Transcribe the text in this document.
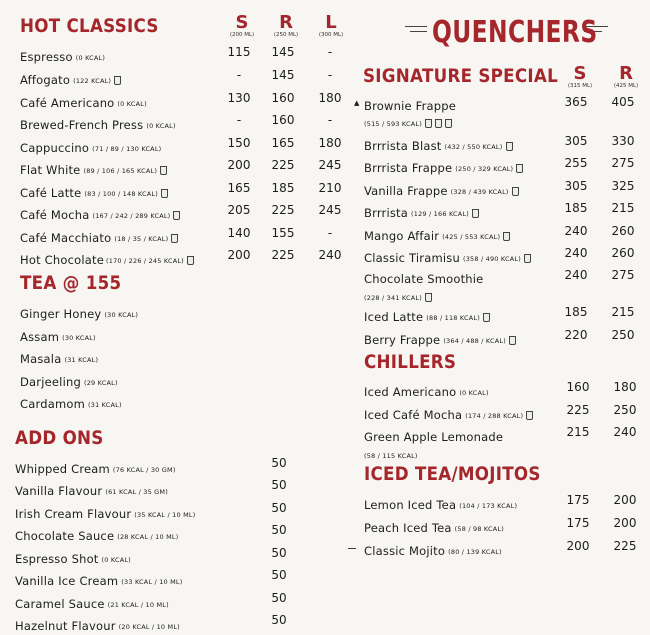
HOT CLASSICS	S
(200 ML)
R
(250 ML)
L
(300 ML)
Espresso (0 KCAL)	115	145	-
Affogato (122 KCAL)	-	145	-
Café Americano (0 KCAL)	130	160	180
Brewed-French Press (0 KCAL)	-	160	-
Cappuccino (71 / 89 / 130 KCAL)	150	165	180
Flat White (89 / 106 / 165 KCAL)	200	225	245
Café Latte (83 / 100 / 148 KCAL)	165	185	210
Café Mocha (167 / 242 / 289 KCAL)	205	225	245
Café Macchiato (18 / 35 / KCAL)	140	155	-
Hot Chocolate (170 / 226 / 245 KCAL)	200	225	240
TEA @ 155
Ginger Honey (30 KCAL)
Assam (30 KCAL)
Masala (31 KCAL)
Darjeeling (29 KCAL)
Cardamom (31 KCAL)
ADD ONS
Whipped Cream (76 KCAL / 30 GM)	50
Vanilla Flavour (61 KCAL / 35 GM)	50
Irish Cream Flavour (35 KCAL / 10 ML)	50
Chocolate Sauce (28 KCAL / 10 ML)	50
Espresso Shot (0 KCAL)	50
Vanilla Ice Cream (33 KCAL / 10 ML)	50
Caramel Sauce (21 KCAL / 10 ML)	50
Hazelnut Flavour (20 KCAL / 10 ML)	50
QUENCHERS
SIGNATURE SPECIAL S
(315 ML)
R
(425 ML)
▲ Brownie Frappe
(515 / 593 KCAL)
365	405
Brrrista Blast (432 / 550 KCAL)	305	330
Brrrista Frappe (250 / 329 KCAL)	255	275
Vanilla Frappe (328 / 439 KCAL)	305	325
Brrrista (129 / 166 KCAL)	185	215
Mango Affair (425 / 553 KCAL)	240	260
Classic Tiramisu (358 / 490 KCAL)	240	260
Chocolate Smoothie
(228 / 341 KCAL)
240	275
Iced Latte (88 / 118 KCAL)	185	215
Berry Frappe (364 / 488 / KCAL)	220	250
CHILLERS
Iced Americano (0 KCAL)	160	180
Iced Café Mocha (174 / 288 KCAL)	225	250
Green Apple Lemonade
(58 / 115 KCAL)
215	240
ICED TEA/MOJITOS
Lemon Iced Tea (104 / 173 KCAL)	175	200
Peach Iced Tea (58 / 98 KCAL)	175	200
Classic Mojito (80 / 139 KCAL)	200	225
